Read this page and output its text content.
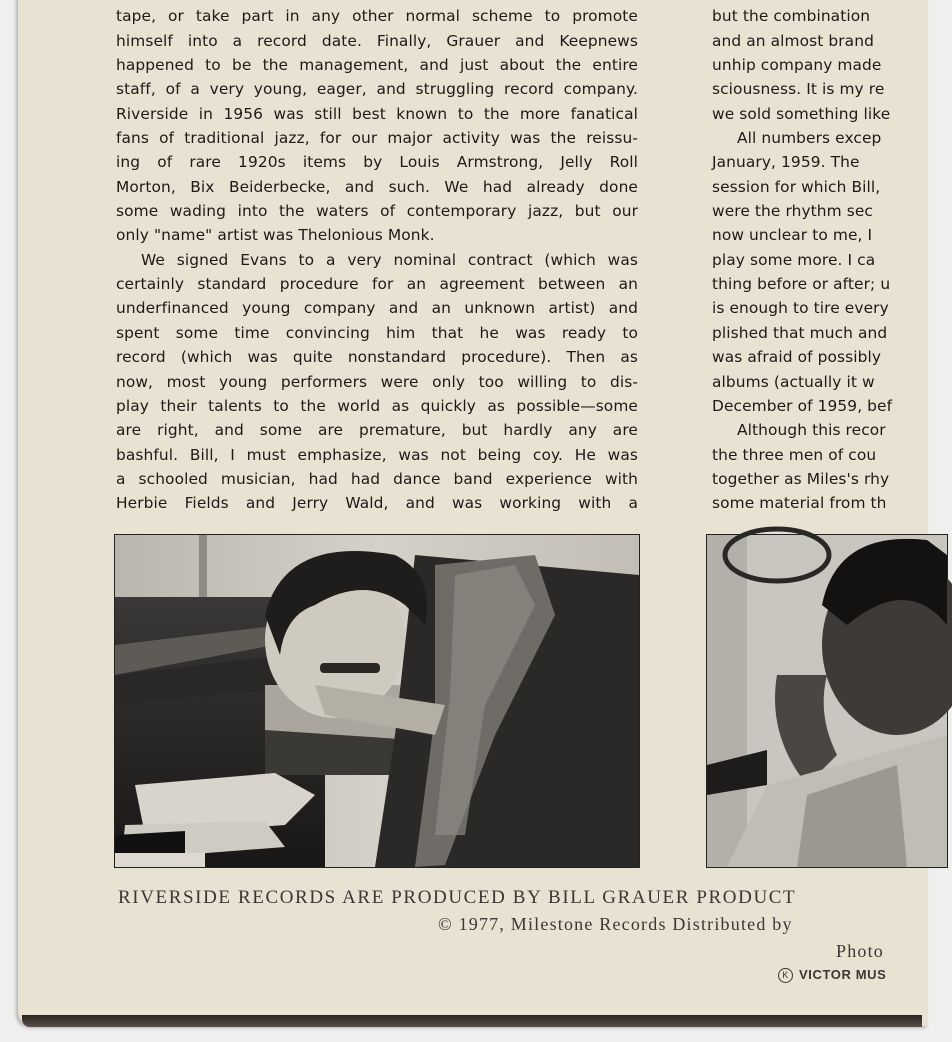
tape, or take part in any other normal scheme to promote
himself into a record date. Finally, Grauer and Keepnews
happened to be the management, and just about the entire
staff, of a very young, eager, and struggling record company.
Riverside in 1956 was still best known to the more fanatical
fans of traditional jazz, for our major activity was the reissu-
ing of rare 1920s items by Louis Armstrong, Jelly Roll
Morton, Bix Beiderbecke, and such. We had already done
some wading into the waters of contemporary jazz, but our
only "name" artist was Thelonious Monk.
We signed Evans to a very nominal contract (which was
certainly standard procedure for an agreement between an
underfinanced young company and an unknown artist) and
spent some time convincing him that he was ready to
record (which was quite nonstandard procedure). Then as
now, most young performers were only too willing to dis-
play their talents to the world as quickly as possible—some
are right, and some are premature, but hardly any are
bashful. Bill, I must emphasize, was not being coy. He was
a schooled musician, had had dance band experience with
Herbie Fields and Jerry Wald, and was working with a
but the combination
and an almost brand
unhip company made
sciousness. It is my re
we sold something like
All numbers excep
January, 1959. The
session for which Bill,
were the rhythm sec
now unclear to me, I
play some more. I ca
thing before or after; u
is enough to tire every
plished that much and
was afraid of possibly
albums (actually it w
December of 1959, bef
Although this recor
the three men of cou
together as Miles's rhy
some material from th
RIVERSIDE RECORDS ARE PRODUCED BY BILL GRAUER PRODUCT
© 1977, Milestone Records Distributed by
Photo
K VICTOR MUS
